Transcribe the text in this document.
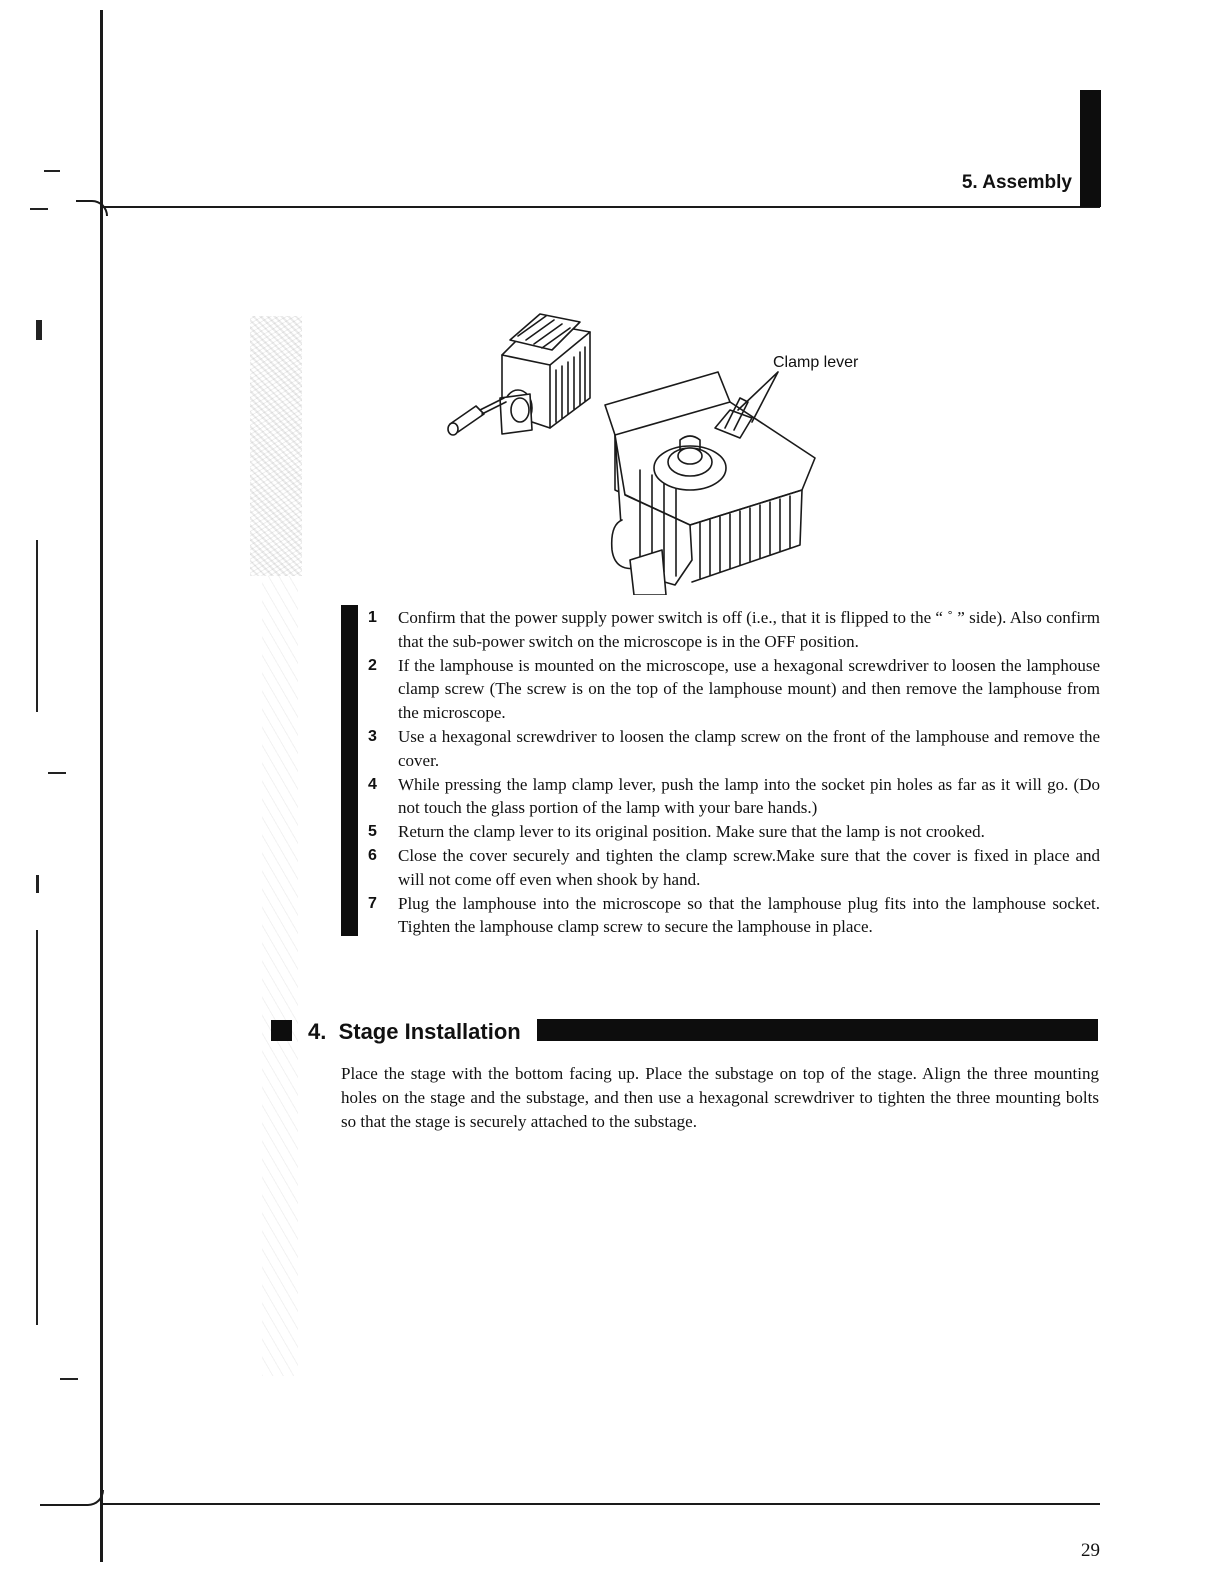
5. Assembly
Clamp lever
1 Confirm that the power supply power switch is off (i.e., that it is flipped to the “ ˚ ” side). Also confirm that the sub-power switch on the microscope is in the OFF position.
2 If the lamphouse is mounted on the microscope, use a hexagonal screwdriver to loosen the lamphouse clamp screw (The screw is on the top of the lamphouse mount) and then remove the lamphouse from the microscope.
3 Use a hexagonal screwdriver to loosen the clamp screw on the front of the lamphouse and remove the cover.
4 While pressing the lamp clamp lever, push the lamp into the socket pin holes as far as it will go. (Do not touch the glass portion of the lamp with your bare hands.)
5 Return the clamp lever to its original position. Make sure that the lamp is not crooked.
6 Close the cover securely and tighten the clamp screw.Make sure that the cover is fixed in place and will not come off even when shook by hand.
7 Plug the lamphouse into the microscope so that the lamphouse plug fits into the lamphouse socket. Tighten the lamphouse clamp screw to secure the lamphouse in place.
4.  Stage Installation

Place the stage with the bottom facing up. Place the substage on top of the stage. Align the three mounting holes on the stage and the substage, and then use a hexagonal screwdriver to tighten the three mounting bolts so that the stage is securely attached to the substage.

29
